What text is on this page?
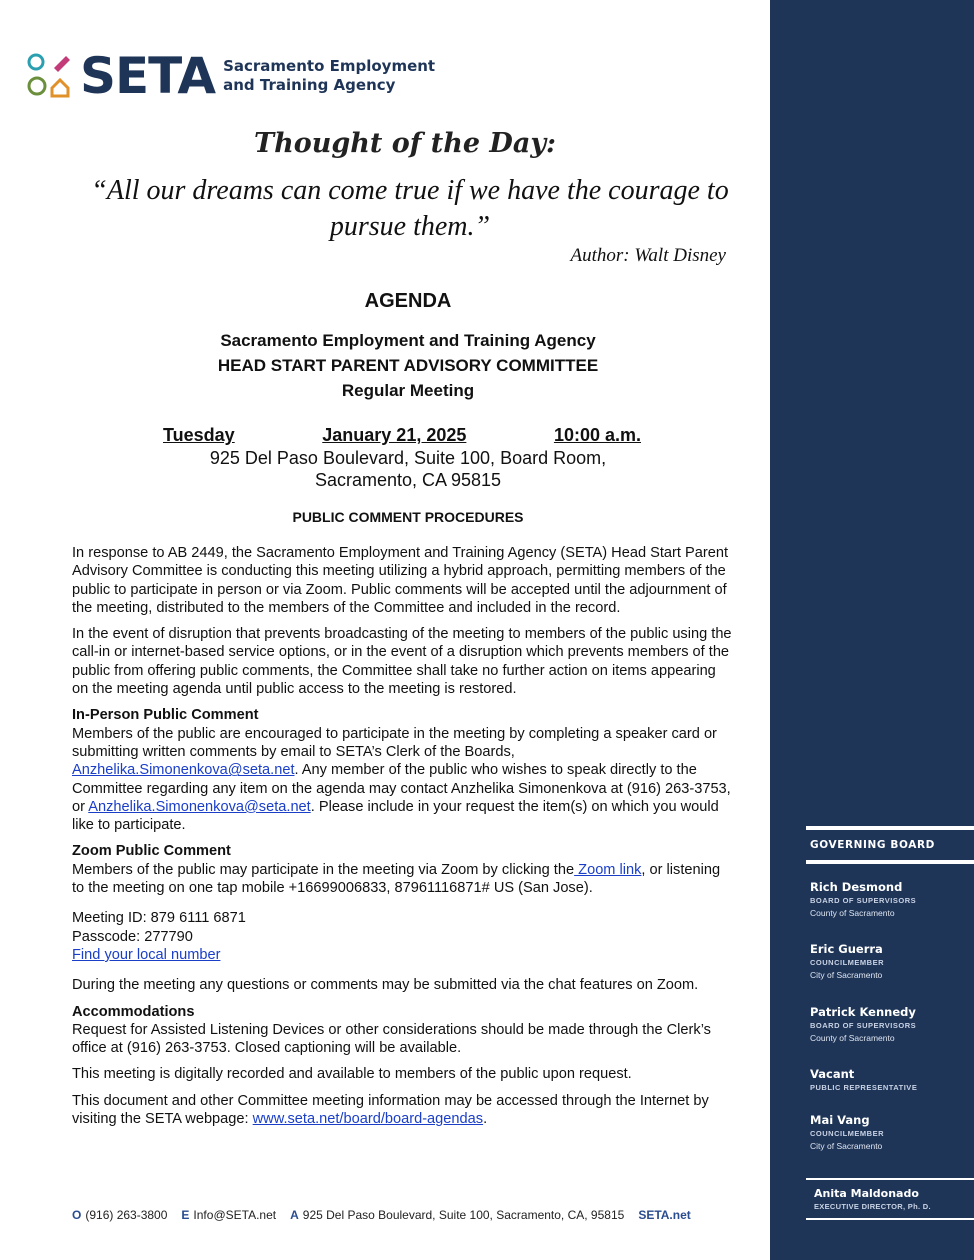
SETA Sacramento Employment
and Training Agency
Thought of the Day:
“All our dreams can come true if we have the courage to pursue them.”
Author: Walt Disney
AGENDA
Sacramento Employment and Training Agency
HEAD START PARENT ADVISORY COMMITTEE
Regular Meeting
Tuesday	January 21, 2025	10:00 a.m.
925 Del Paso Boulevard, Suite 100, Board Room,
Sacramento, CA 95815
PUBLIC COMMENT PROCEDURES

In response to AB 2449, the Sacramento Employment and Training Agency (SETA) Head Start Parent Advisory Committee is conducting this meeting utilizing a hybrid approach, permitting members of the public to participate in person or via Zoom. Public comments will be accepted until the adjournment of the meeting, distributed to the members of the Committee and included in the record.

In the event of disruption that prevents broadcasting of the meeting to members of the public using the call-in or internet-based service options, or in the event of a disruption which prevents members of the public from offering public comments, the Committee shall take no further action on items appearing on the meeting agenda until public access to the meeting is restored.

In-Person Public Comment

Members of the public are encouraged to participate in the meeting by completing a speaker card or submitting written comments by email to SETA’s Clerk of the Boards, Anzhelika.Simonenkova@seta.net. Any member of the public who wishes to speak directly to the Committee regarding any item on the agenda may contact Anzhelika Simonenkova at (916) 263-3753, or Anzhelika.Simonenkova@seta.net. Please include in your request the item(s) on which you would like to participate.

Zoom Public Comment

Members of the public may participate in the meeting via Zoom by clicking the Zoom link, or listening to the meeting on one tap mobile +16699006833, 87961116871# US (San Jose).

Meeting ID: 879 6111 6871
Passcode: 277790
Find your local number

During the meeting any questions or comments may be submitted via the chat features on Zoom.

Accommodations

Request for Assisted Listening Devices or other considerations should be made through the Clerk’s office at (916) 263-3753. Closed captioning will be available.

This meeting is digitally recorded and available to members of the public upon request.

This document and other Committee meeting information may be accessed through the Internet by visiting the SETA webpage: www.seta.net/board/board-agendas.

O (916) 263-3800 E Info@SETA.net A 925 Del Paso Boulevard, Suite 100, Sacramento, CA, 95815 SETA.net
GOVERNING BOARD
Rich Desmond
BOARD OF SUPERVISORS
County of Sacramento
Eric Guerra
COUNCILMEMBER
City of Sacramento
Patrick Kennedy
BOARD OF SUPERVISORS
County of Sacramento
Vacant
PUBLIC REPRESENTATIVE
Mai Vang
COUNCILMEMBER
City of Sacramento
Anita Maldonado
EXECUTIVE DIRECTOR, Ph. D.
